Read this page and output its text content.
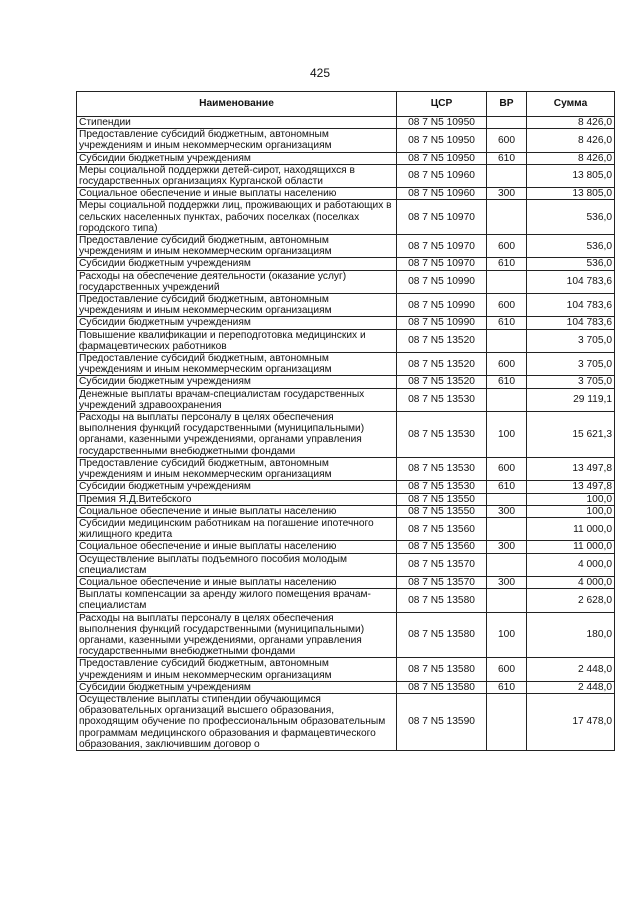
425
Наименование	ЦСР	ВР	Сумма
Стипендии	08 7 N5 10950		8 426,0
Предоставление субсидий бюджетным, автономным учреждениям и иным некоммерческим организациям	08 7 N5 10950	600	8 426,0
Субсидии бюджетным учреждениям	08 7 N5 10950	610	8 426,0
Меры социальной поддержки детей-сирот, находящихся в государственных организациях Курганской области	08 7 N5 10960		13 805,0
Социальное обеспечение и иные выплаты населению	08 7 N5 10960	300	13 805,0
Меры социальной поддержки лиц, проживающих и работающих в сельских населенных пунктах, рабочих поселках (поселках городского типа)	08 7 N5 10970		536,0
Предоставление субсидий бюджетным, автономным учреждениям и иным некоммерческим организациям	08 7 N5 10970	600	536,0
Субсидии бюджетным учреждениям	08 7 N5 10970	610	536,0
Расходы на обеспечение деятельности (оказание услуг) государственных учреждений	08 7 N5 10990		104 783,6
Предоставление субсидий бюджетным, автономным учреждениям и иным некоммерческим организациям	08 7 N5 10990	600	104 783,6
Субсидии бюджетным учреждениям	08 7 N5 10990	610	104 783,6
Повышение квалификации и переподготовка медицинских и фармацевтических работников	08 7 N5 13520		3 705,0
Предоставление субсидий бюджетным, автономным учреждениям и иным некоммерческим организациям	08 7 N5 13520	600	3 705,0
Субсидии бюджетным учреждениям	08 7 N5 13520	610	3 705,0
Денежные выплаты врачам-специалистам государственных учреждений здравоохранения	08 7 N5 13530		29 119,1
Расходы на выплаты персоналу в целях обеспечения выполнения функций государственными (муниципальными) органами, казенными учреждениями, органами управления государственными внебюджетными фондами	08 7 N5 13530	100	15 621,3
Предоставление субсидий бюджетным, автономным учреждениям и иным некоммерческим организациям	08 7 N5 13530	600	13 497,8
Субсидии бюджетным учреждениям	08 7 N5 13530	610	13 497,8
Премия Я.Д.Витебского	08 7 N5 13550		100,0
Социальное обеспечение и иные выплаты населению	08 7 N5 13550	300	100,0
Субсидии медицинским работникам на погашение ипотечного жилищного кредита	08 7 N5 13560		11 000,0
Социальное обеспечение и иные выплаты населению	08 7 N5 13560	300	11 000,0
Осуществление выплаты подъемного пособия молодым специалистам	08 7 N5 13570		4 000,0
Социальное обеспечение и иные выплаты населению	08 7 N5 13570	300	4 000,0
Выплаты компенсации за аренду жилого помещения врачам-специалистам	08 7 N5 13580		2 628,0
Расходы на выплаты персоналу в целях обеспечения выполнения функций государственными (муниципальными) органами, казенными учреждениями, органами управления государственными внебюджетными фондами	08 7 N5 13580	100	180,0
Предоставление субсидий бюджетным, автономным учреждениям и иным некоммерческим организациям	08 7 N5 13580	600	2 448,0
Субсидии бюджетным учреждениям	08 7 N5 13580	610	2 448,0
Осуществление выплаты стипендии обучающимся образовательных организаций высшего образования, проходящим обучение по профессиональным образовательным программам медицинского образования и фармацевтического образования, заключившим договор о	08 7 N5 13590		17 478,0
